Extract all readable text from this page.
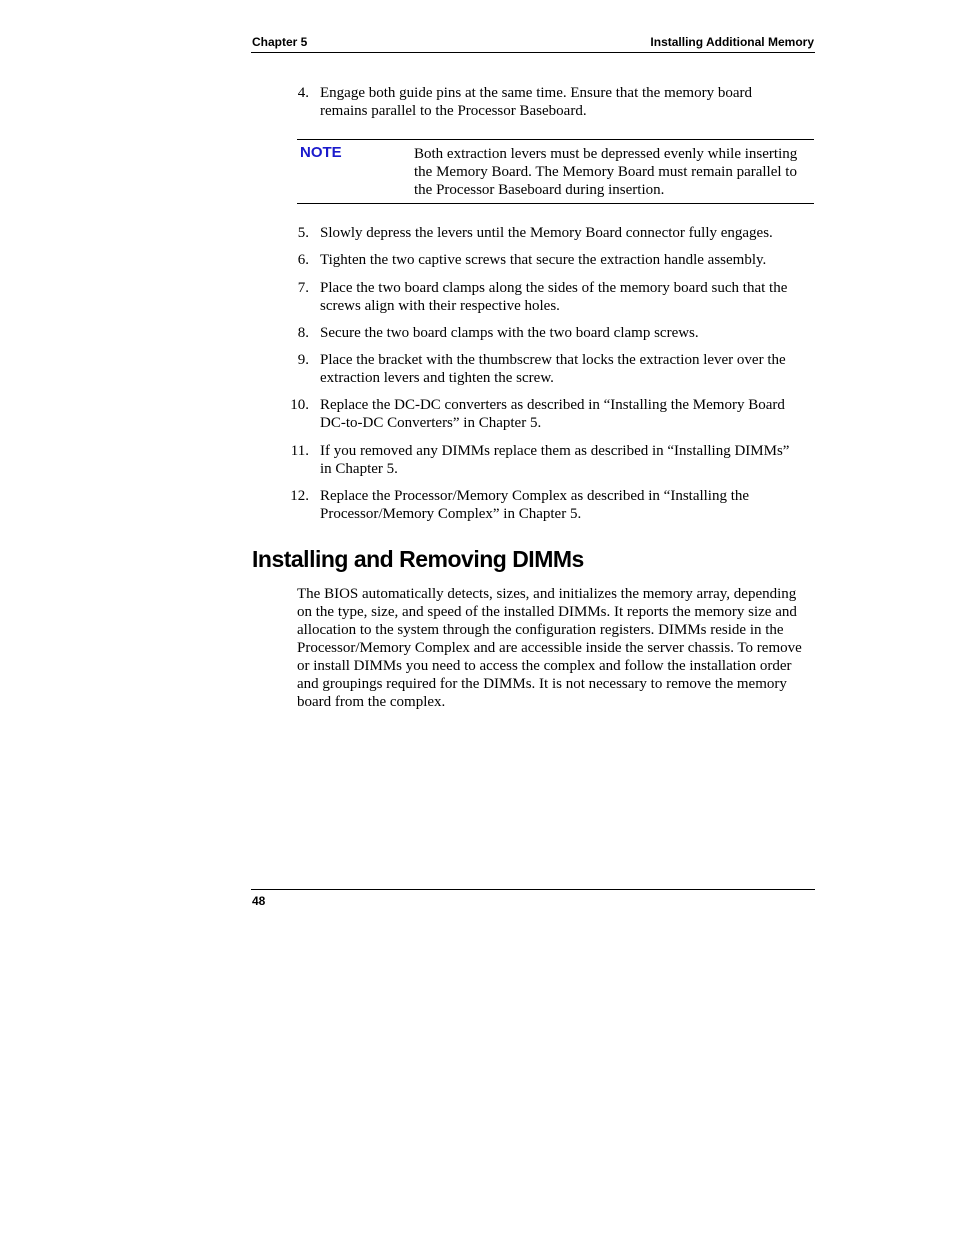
Chapter 5	Installing Additional Memory
4. Engage both guide pins at the same time. Ensure that the memory board remains parallel to the Processor Baseboard.
NOTE	Both extraction levers must be depressed evenly while inserting the Memory Board. The Memory Board must remain parallel to the Processor Baseboard during insertion.
5. Slowly depress the levers until the Memory Board connector fully engages.
6. Tighten the two captive screws that secure the extraction handle assembly.
7. Place the two board clamps along the sides of the memory board such that the screws align with their respective holes.
8. Secure the two board clamps with the two board clamp screws.
9. Place the bracket with the thumbscrew that locks the extraction lever over the extraction levers and tighten the screw.
10. Replace the DC-DC converters as described in “Installing the Memory Board DC-to-DC Converters” in Chapter 5.
11. If you removed any DIMMs replace them as described in “Installing DIMMs” in Chapter 5.
12. Replace the Processor/Memory Complex as described in “Installing the Processor/Memory Complex” in Chapter 5.
Installing and Removing DIMMs

The BIOS automatically detects, sizes, and initializes the memory array, depending on the type, size, and speed of the installed DIMMs. It reports the memory size and allocation to the system through the configuration registers. DIMMs reside in the Processor/Memory Complex and are accessible inside the server chassis. To remove or install DIMMs you need to access the complex and follow the installation order and groupings required for the DIMMs. It is not necessary to remove the memory board from the complex.

48
